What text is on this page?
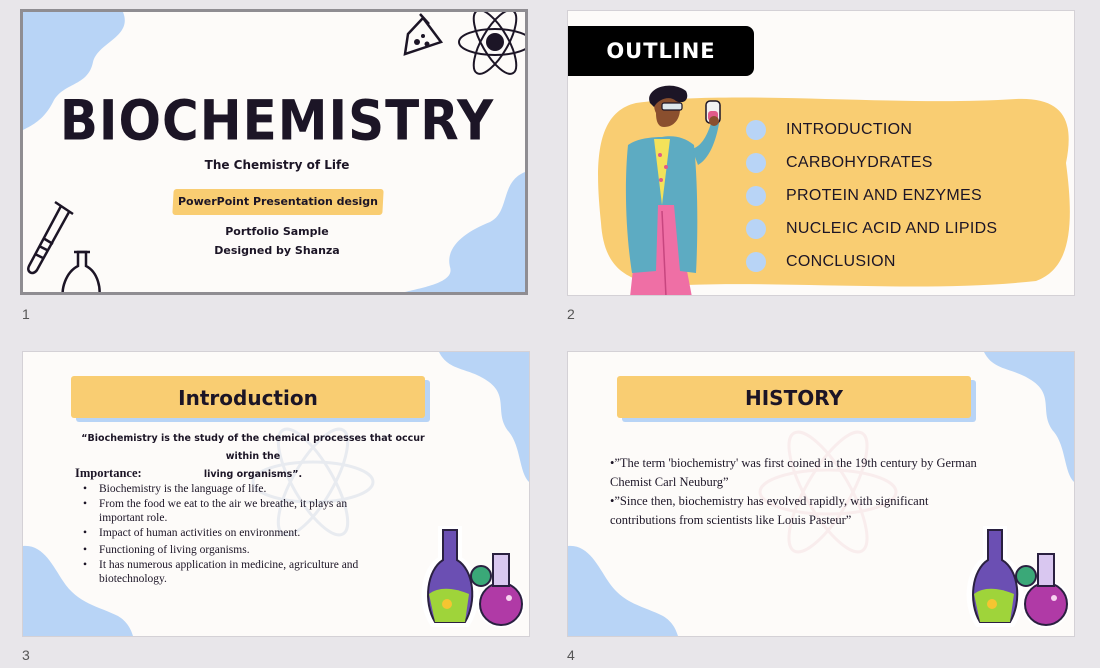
BIOCHEMISTRY
The Chemistry of Life
PowerPoint Presentation design
Portfolio Sample
Designed by Shanza
1
OUTLINE
INTRODUCTION
CARBOHYDRATES
PROTEIN AND ENZYMES
NUCLEIC ACID AND LIPIDS
CONCLUSION
2
Introduction
“Biochemistry is the study of the chemical processes that occur within the
living organisms”.
Importance:
•	Biochemistry is the language of life.
•	From the food we eat to the air we breathe, it plays an important role.
•	Impact of human activities on environment.
•	Functioning of living organisms.
•	It has numerous application in medicine, agriculture and biotechnology.
3
HISTORY
•”The term 'biochemistry' was first coined in the 19th century by German Chemist Carl Neuburg”
•”Since then, biochemistry has evolved rapidly, with significant contributions from scientists like Louis Pasteur”
4
